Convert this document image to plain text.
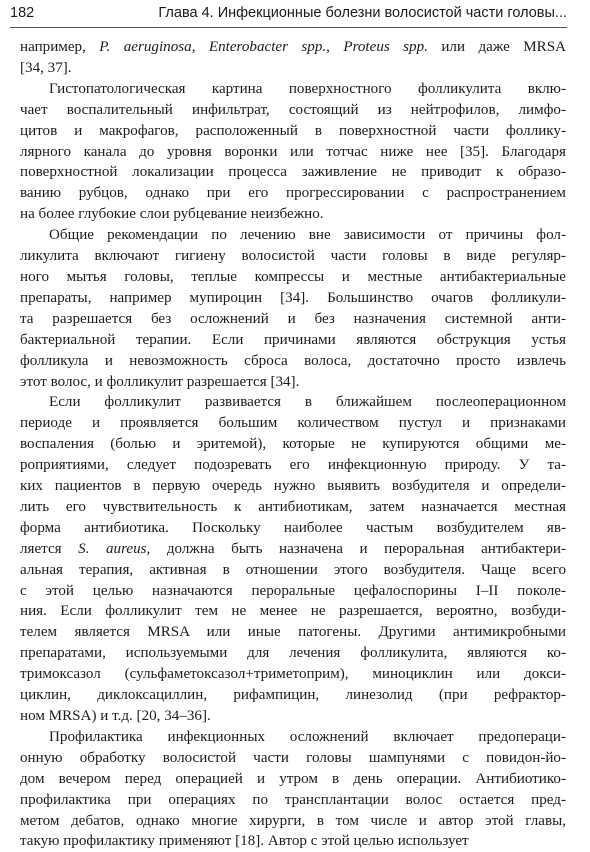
182	Глава 4. Инфекционные болезни волосистой части головы...
например, P. aeruginosa, Enterobacter spp., Proteus spp. или даже MRSA
[34, 37].
Гистопатологическая картина поверхностного фолликулита вклю-
чает воспалительный инфильтрат, состоящий из нейтрофилов, лимфо-
цитов и макрофагов, расположенный в поверхностной части фоллику-
лярного канала до уровня воронки или тотчас ниже нее [35]. Благодаря
поверхностной локализации процесса заживление не приводит к образо-
ванию рубцов, однако при его прогрессировании с распространением
на более глубокие слои рубцевание неизбежно.
Общие рекомендации по лечению вне зависимости от причины фол-
ликулита включают гигиену волосистой части головы в виде регуляр-
ного мытья головы, теплые компрессы и местные антибактериальные
препараты, например мупироцин [34]. Большинство очагов фолликули-
та разрешается без осложнений и без назначения системной анти-
бактериальной терапии. Если причинами являются обструкция устья
фолликула и невозможность сброса волоса, достаточно просто извлечь
этот волос, и фолликулит разрешается [34].
Если фолликулит развивается в ближайшем послеоперационном
периоде и проявляется большим количеством пустул и признаками
воспаления (болью и эритемой), которые не купируются общими ме-
роприятиями, следует подозревать его инфекционную природу. У та-
ких пациентов в первую очередь нужно выявить возбудителя и определи-
лить его чувствительность к антибиотикам, затем назначается местная
форма антибиотика. Поскольку наиболее частым возбудителем яв-
ляется S. aureus, должна быть назначена и пероральная антибактери-
альная терапия, активная в отношении этого возбудителя. Чаще всего
с этой целью назначаются пероральные цефалоспорины I–II поколе-
ния. Если фолликулит тем не менее не разрешается, вероятно, возбуди-
телем является MRSA или иные патогены. Другими антимикробными
препаратами, используемыми для лечения фолликулита, являются ко-
тримоксазол (сульфаметоксазол+триметоприм), миноциклин или докси-
циклин, диклоксациллин, рифампицин, линезолид (при рефрактор-
ном MRSA) и т.д. [20, 34–36].
Профилактика инфекционных осложнений включает предопераци-
онную обработку волосистой части головы шампунями с повидон-йо-
дом вечером перед операцией и утром в день операции. Антибиотико-
профилактика при операциях по трансплантации волос остается пред-
метом дебатов, однако многие хирурги, в том числе и автор этой главы,
такую профилактику применяют [18]. Автор с этой целью использует
